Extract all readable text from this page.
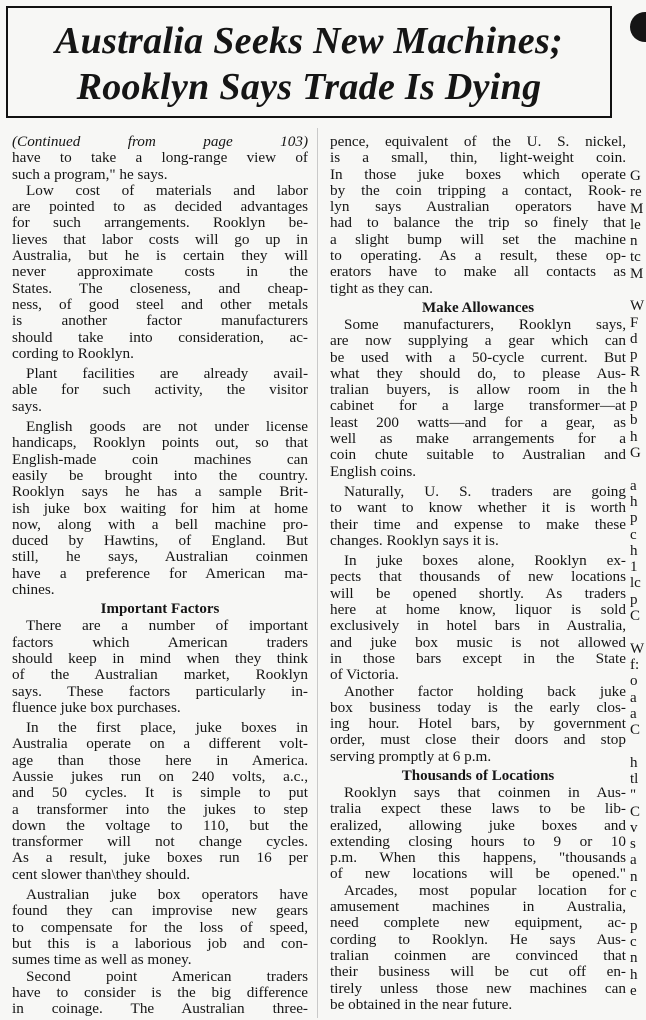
Australia Seeks New Machines;
Rooklyn Says Trade Is Dying
(Continued from page 103)
have to take a long-range view of
such a program," he says.
Low cost of materials and labor
are pointed to as decided advantages
for such arrangements. Rooklyn be-
lieves that labor costs will go up in
Australia, but he is certain they will
never approximate costs in the
States. The closeness, and cheap-
ness, of good steel and other metals
is another factor manufacturers
should take into consideration, ac-
cording to Rooklyn.
Plant facilities are already avail-
able for such activity, the visitor
says.
English goods are not under license
handicaps, Rooklyn points out, so that
English-made coin machines can
easily be brought into the country.
Rooklyn says he has a sample Brit-
ish juke box waiting for him at home
now, along with a bell machine pro-
duced by Hawtins, of England. But
still, he says, Australian coinmen
have a preference for American ma-
chines.
Important Factors
There are a number of important
factors which American traders
should keep in mind when they think
of the Australian market, Rooklyn
says. These factors particularly in-
fluence juke box purchases.
In the first place, juke boxes in
Australia operate on a different volt-
age than those here in America.
Aussie jukes run on 240 volts, a.c.,
and 50 cycles. It is simple to put
a transformer into the jukes to step
down the voltage to 110, but the
transformer will not change cycles.
As a result, juke boxes run 16 per
cent slower than\they should.
Australian juke box operators have
found they can improvise new gears
to compensate for the loss of speed,
but this is a laborious job and con-
sumes time as well as money.
Second point American traders
have to consider is the big difference
in coinage. The Australian three-
pence, equivalent of the U. S. nickel,
is a small, thin, light-weight coin.
In those juke boxes which operate
by the coin tripping a contact, Rook-
lyn says Australian operators have
had to balance the trip so finely that
a slight bump will set the machine
to operating. As a result, these op-
erators have to make all contacts as
tight as they can.
Make Allowances
Some manufacturers, Rooklyn says,
are now supplying a gear which can
be used with a 50-cycle current. But
what they should do, to please Aus-
tralian buyers, is allow room in the
cabinet for a large transformer—at
least 200 watts—and for a gear, as
well as make arrangements for a
coin chute suitable to Australian and
English coins.
Naturally, U. S. traders are going
to want to know whether it is worth
their time and expense to make these
changes. Rooklyn says it is.
In juke boxes alone, Rooklyn ex-
pects that thousands of new locations
will be opened shortly. As traders
here at home know, liquor is sold
exclusively in hotel bars in Australia,
and juke box music is not allowed
in those bars except in the State
of Victoria.
Another factor holding back juke
box business today is the early clos-
ing hour. Hotel bars, by government
order, must close their doors and stop
serving promptly at 6 p.m.
Thousands of Locations
Rooklyn says that coinmen in Aus-
tralia expect these laws to be lib-
eralized, allowing juke boxes and
extending closing hours to 9 or 10
p.m. When this happens, "thousands
of new locations will be opened."
Arcades, most popular location for
amusement machines in Australia,
need complete new equipment, ac-
cording to Rooklyn. He says Aus-
tralian coinmen are convinced that
their business will be cut off en-
tirely unless those new machines can
be obtained in the near future.
G
re
M
le
n
tc
M
W
F
d
p
R
h
p
b
h
G
a
h
p
c
h
1
lc
p
C
W
f:
o
a
a
C
h
tl
"
C
v
s
a
n
c
p
c
n
h
e
